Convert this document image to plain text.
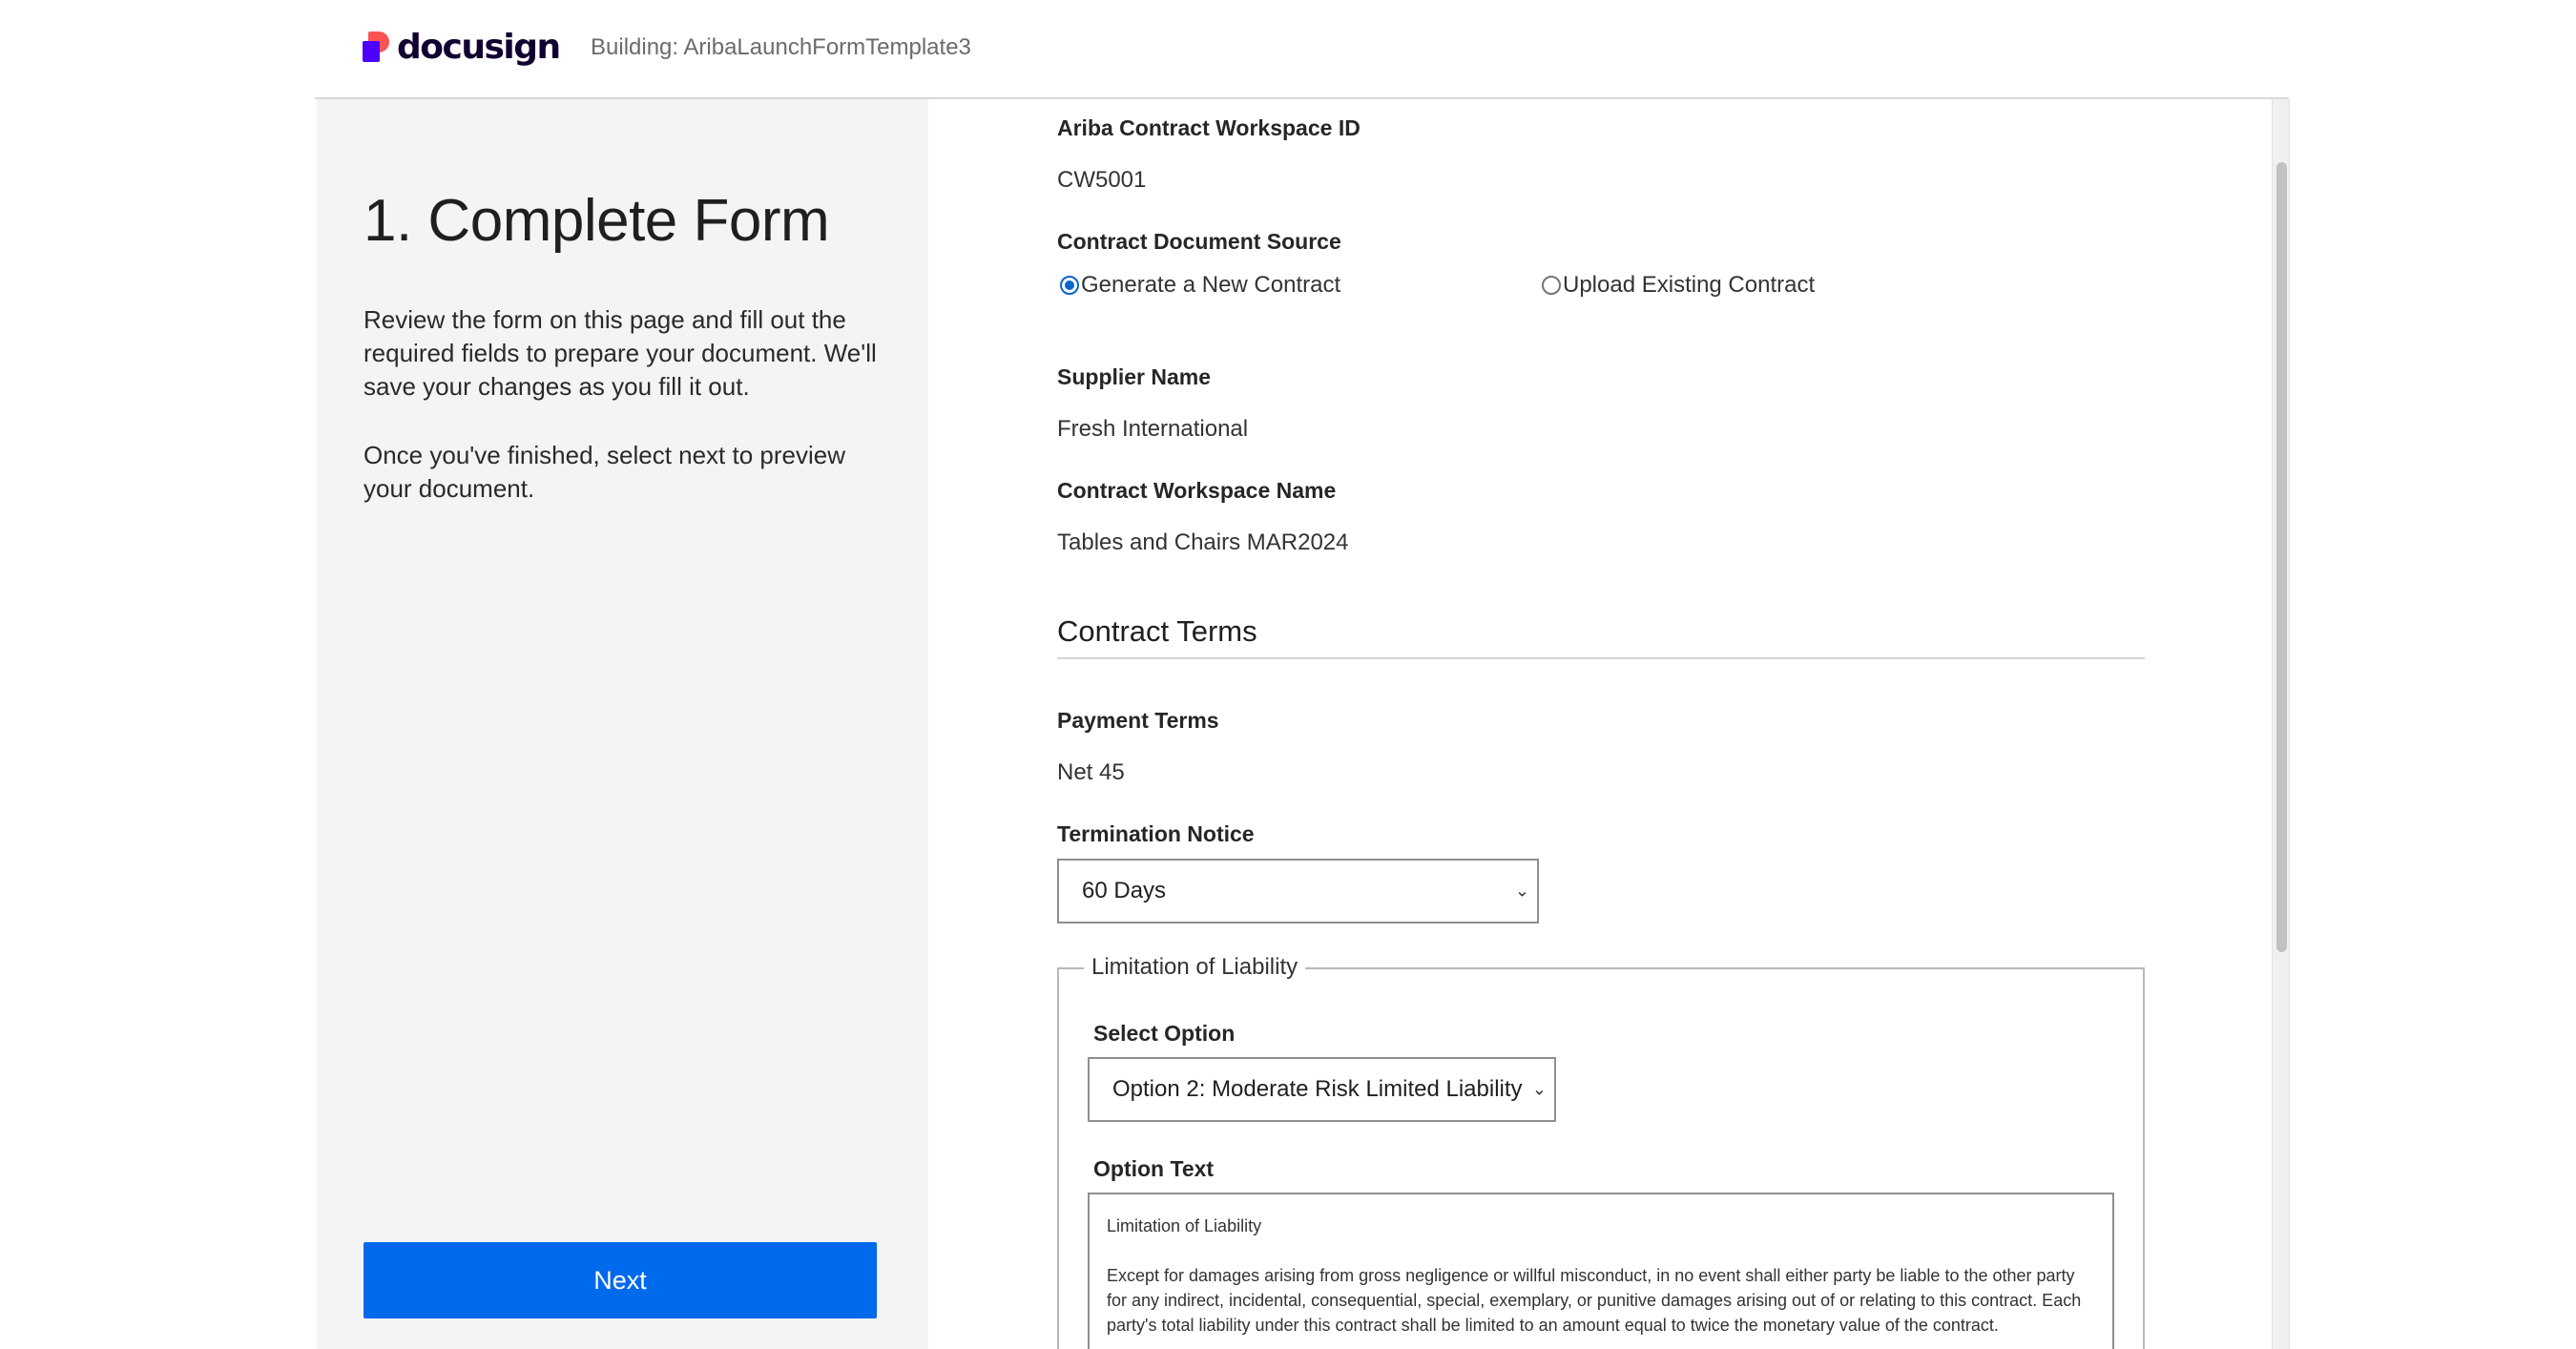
docusign Building: AribaLaunchFormTemplate3
1. Complete Form

Review the form on this page and fill out the required fields to prepare your document. We'll save your changes as you fill it out.

Once you've finished, select next to preview your document.

Next
Ariba Contract Workspace ID
CW5001
Contract Document Source
Generate a New Contract	Upload Existing Contract
Supplier Name
Fresh International
Contract Workspace Name
Tables and Chairs MAR2024
Contract Terms
Payment Terms
Net 45
Termination Notice
60 Days	⌄
Limitation of Liability
Select Option
Option 2: Moderate Risk Limited Liability ⌄
Option Text
Limitation of Liability
Except for damages arising from gross negligence or willful misconduct, in no event shall either party be liable to the other party for any indirect, incidental, consequential, special, exemplary, or punitive damages arising out of or relating to this contract. Each party's total liability under this contract shall be limited to an amount equal to twice the monetary value of the contract.
